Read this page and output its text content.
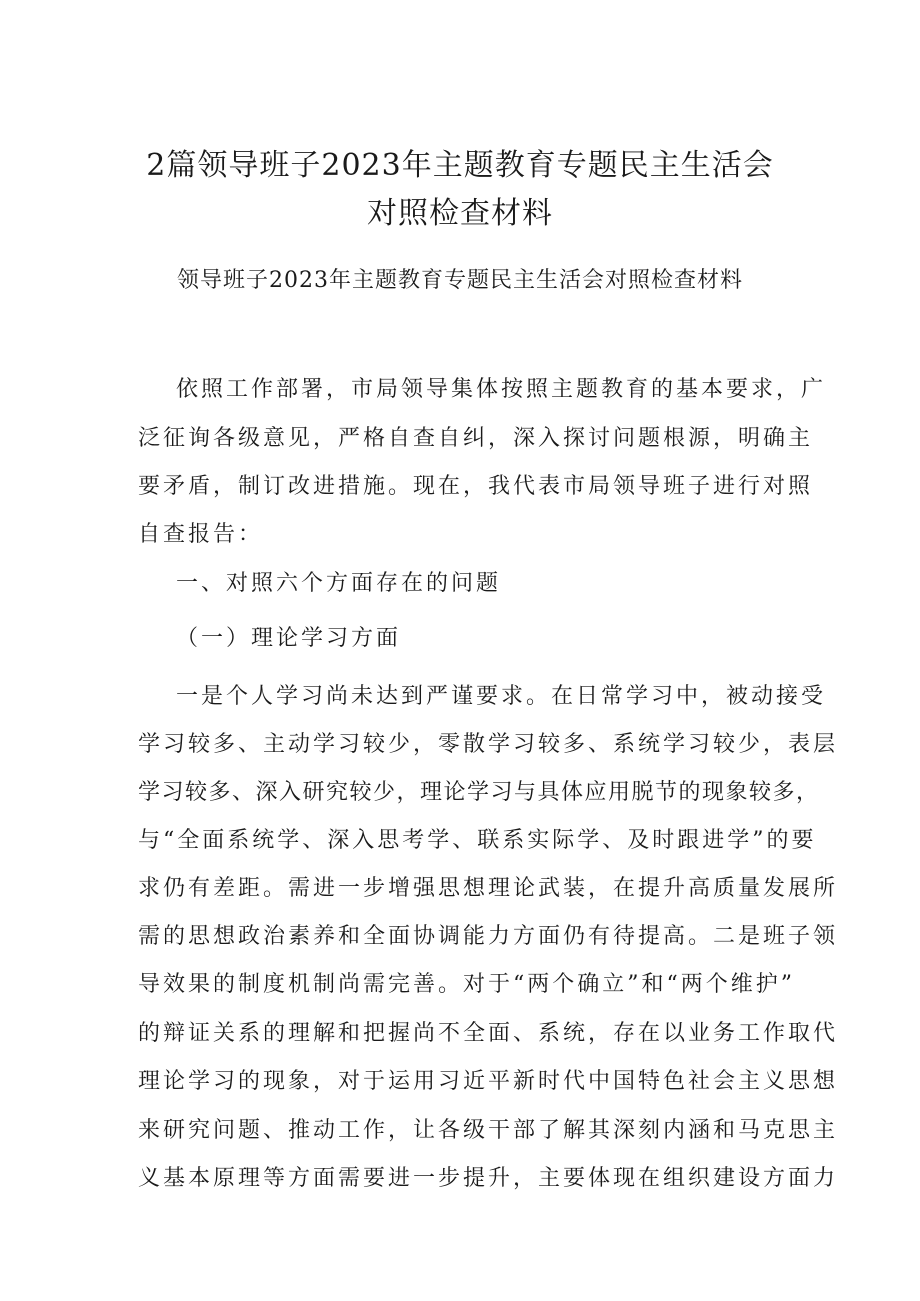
2篇领导班子2023年主题教育专题民主生活会
对照检查材料
领导班子2023年主题教育专题民主生活会对照检查材料
依照工作部署，市局领导集体按照主题教育的基本要求，广
泛征询各级意见，严格自查自纠，深入探讨问题根源，明确主
要矛盾，制订改进措施。现在，我代表市局领导班子进行对照
自查报告：
一、对照六个方面存在的问题
（一）理论学习方面
一是个人学习尚未达到严谨要求。在日常学习中，被动接受
学习较多、主动学习较少，零散学习较多、系统学习较少，表层
学习较多、深入研究较少，理论学习与具体应用脱节的现象较多，
与“全面系统学、深入思考学、联系实际学、及时跟进学”的要
求仍有差距。需进一步增强思想理论武装，在提升高质量发展所
需的思想政治素养和全面协调能力方面仍有待提高。二是班子领
导效果的制度机制尚需完善。对于“两个确立”和“两个维护”
的辩证关系的理解和把握尚不全面、系统，存在以业务工作取代
理论学习的现象，对于运用习近平新时代中国特色社会主义思想
来研究问题、推动工作，让各级干部了解其深刻内涵和马克思主
义基本原理等方面需要进一步提升，主要体现在组织建设方面力
